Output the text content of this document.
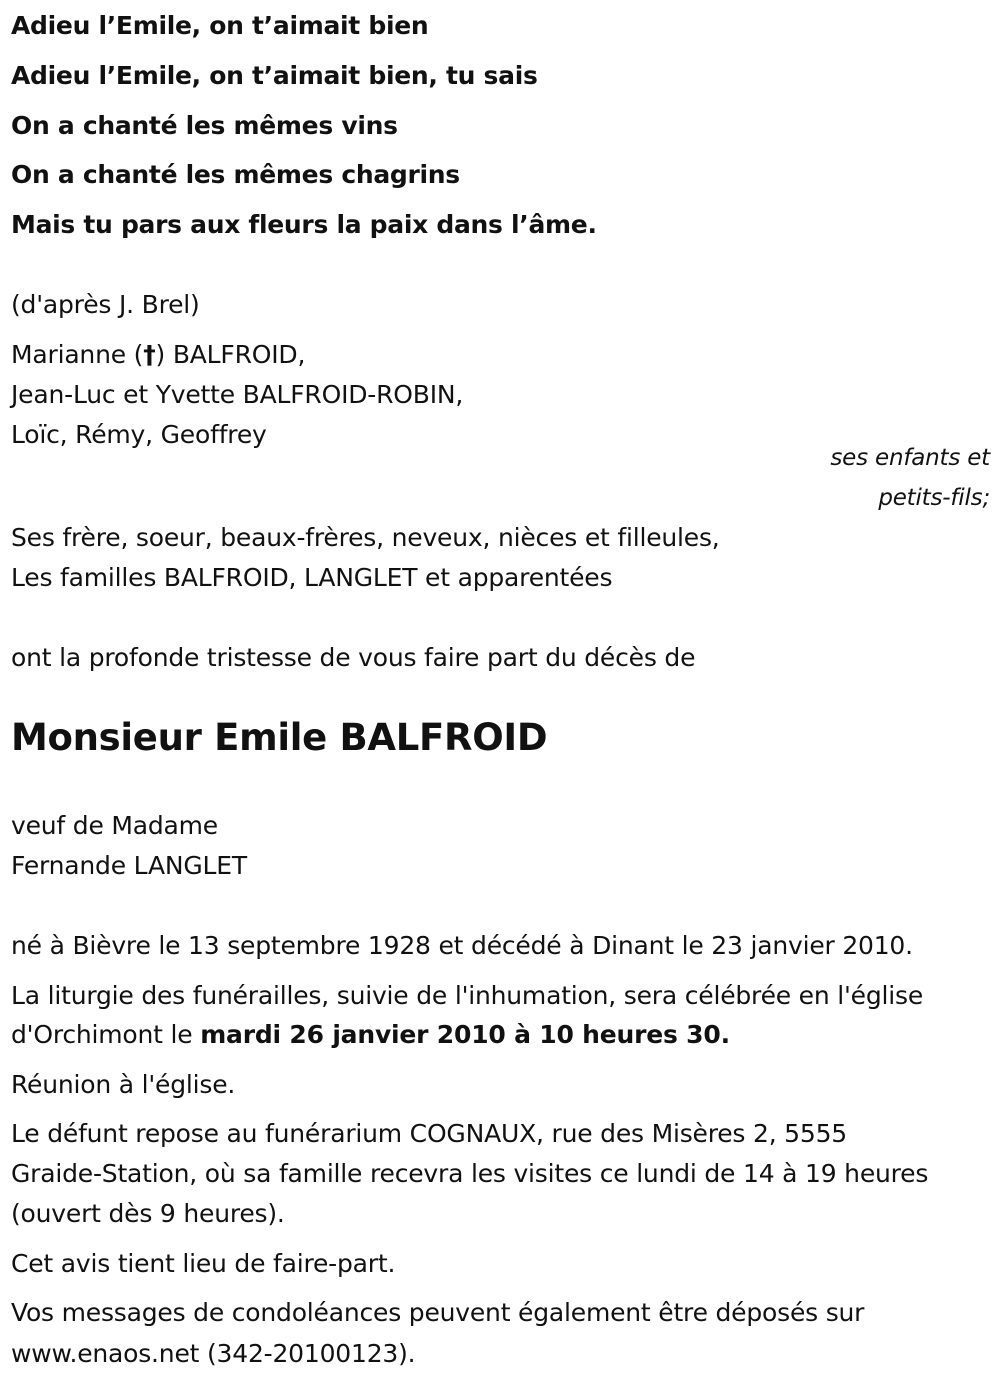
Adieu l’Emile, on t’aimait bien
Adieu l’Emile, on t’aimait bien, tu sais
On a chanté les mêmes vins
On a chanté les mêmes chagrins
Mais tu pars aux fleurs la paix dans l’âme.
(d'après J. Brel)
Marianne (†) BALFROID,
Jean-Luc et Yvette BALFROID-ROBIN,
Loïc, Rémy, Geoffrey
ses enfants et
petits-fils;
Ses frère, soeur, beaux-frères, neveux, nièces et filleules,
Les familles BALFROID, LANGLET et apparentées
ont la profonde tristesse de vous faire part du décès de
Monsieur Emile BALFROID
veuf de Madame
Fernande LANGLET
né à Bièvre le 13 septembre 1928 et décédé à Dinant le 23 janvier 2010.
La liturgie des funérailles, suivie de l'inhumation, sera célébrée en l'église
d'Orchimont le mardi 26 janvier 2010 à 10 heures 30.
Réunion à l'église.
Le défunt repose au funérarium COGNAUX, rue des Misères 2, 5555
Graide-Station, où sa famille recevra les visites ce lundi de 14 à 19 heures
(ouvert dès 9 heures).
Cet avis tient lieu de faire-part.
Vos messages de condoléances peuvent également être déposés sur
www.enaos.net (342-20100123).
